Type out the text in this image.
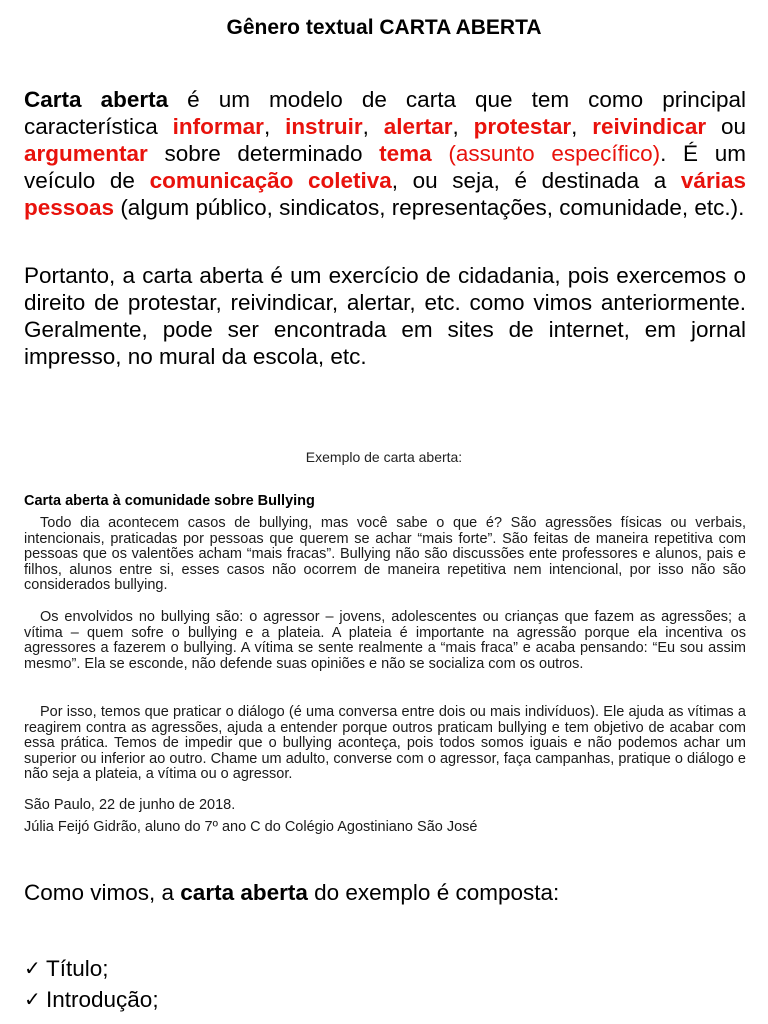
Gênero textual CARTA ABERTA

Carta aberta é um modelo de carta que tem como principal característica informar, instruir, alertar, protestar, reivindicar ou argumentar sobre determinado tema (assunto específico). É um veículo de comunicação coletiva, ou seja, é destinada a várias pessoas (algum público, sindicatos, representações, comunidade, etc.).

Portanto, a carta aberta é um exercício de cidadania, pois exercemos o direito de protestar, reivindicar, alertar, etc. como vimos anteriormente. Geralmente, pode ser encontrada em sites de internet, em jornal impresso, no mural da escola, etc.

Exemplo de carta aberta:
Carta aberta à comunidade sobre Bullying

Todo dia acontecem casos de bullying, mas você sabe o que é? São agressões físicas ou verbais, intencionais, praticadas por pessoas que querem se achar “mais forte”. São feitas de maneira repetitiva com pessoas que os valentões acham “mais fracas”. Bullying não são discussões ente professores e alunos, pais e filhos, alunos entre si, esses casos não ocorrem de maneira repetitiva nem intencional, por isso não são considerados bullying.

Os envolvidos no bullying são: o agressor – jovens, adolescentes ou crianças que fazem as agressões; a vítima – quem sofre o bullying e a plateia. A plateia é importante na agressão porque ela incentiva os agressores a fazerem o bullying. A vítima se sente realmente a “mais fraca” e acaba pensando: “Eu sou assim mesmo”. Ela se esconde, não defende suas opiniões e não se socializa com os outros.

Por isso, temos que praticar o diálogo (é uma conversa entre dois ou mais indivíduos). Ele ajuda as vítimas a reagirem contra as agressões, ajuda a entender porque outros praticam bullying e tem objetivo de acabar com essa prática. Temos de impedir que o bullying aconteça, pois todos somos iguais e não podemos achar um superior ou inferior ao outro. Chame um adulto, converse com o agressor, faça campanhas, pratique o diálogo e não seja a plateia, a vítima ou o agressor.

São Paulo, 22 de junho de 2018.
Júlia Feijó Gidrão, aluno do 7º ano C do Colégio Agostiniano São José
Como vimos, a carta aberta do exemplo é composta:
✓ Título;
✓ Introdução;
